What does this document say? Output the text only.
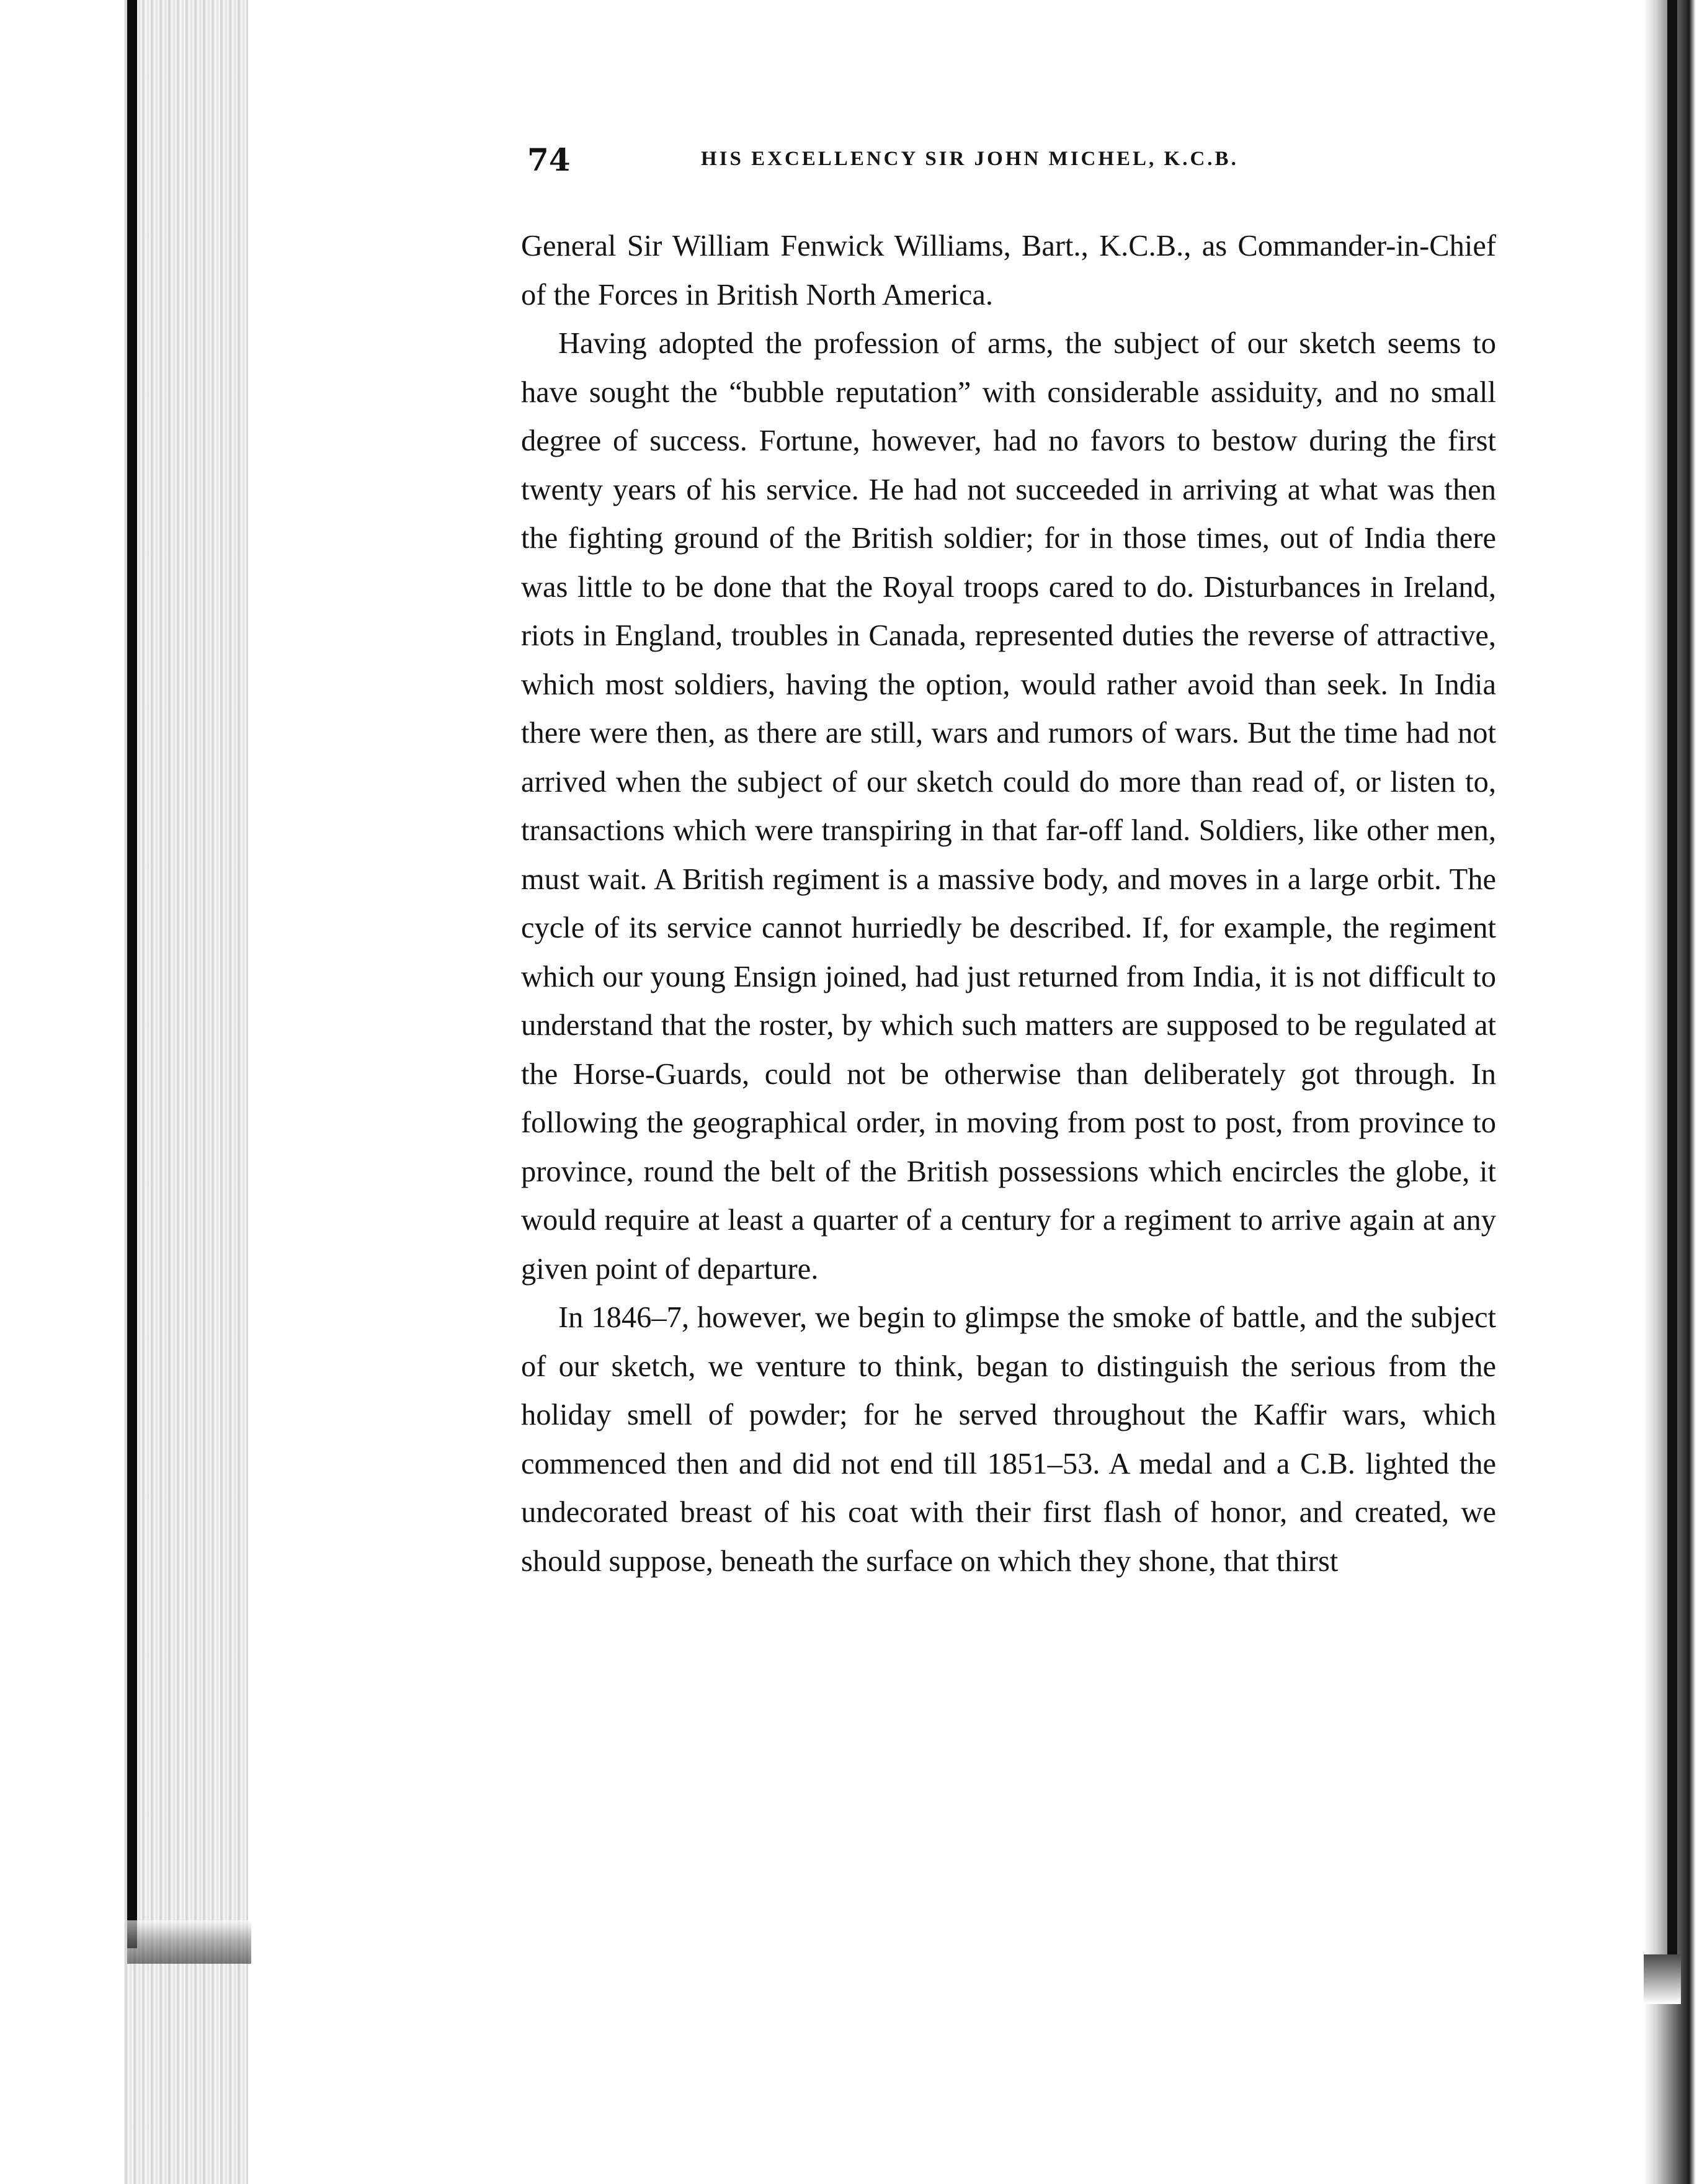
74	HIS EXCELLENCY SIR JOHN MICHEL, K.C.B.

General Sir William Fenwick Williams, Bart., K.C.B., as Commander-in-Chief of the Forces in British North America.

Having adopted the profession of arms, the subject of our sketch seems to have sought the “bubble reputation” with considerable assiduity, and no small degree of success. Fortune, however, had no favors to bestow during the first twenty years of his service. He had not succeeded in arriving at what was then the fighting ground of the British soldier; for in those times, out of India there was little to be done that the Royal troops cared to do. Disturbances in Ireland, riots in England, troubles in Canada, represented duties the reverse of attractive, which most soldiers, having the option, would rather avoid than seek. In India there were then, as there are still, wars and rumors of wars. But the time had not arrived when the subject of our sketch could do more than read of, or listen to, transactions which were transpiring in that far-off land. Soldiers, like other men, must wait. A British regiment is a massive body, and moves in a large orbit. The cycle of its service cannot hurriedly be described. If, for example, the regiment which our young Ensign joined, had just returned from India, it is not difficult to understand that the roster, by which such matters are supposed to be regulated at the Horse-Guards, could not be otherwise than deliberately got through. In following the geographical order, in moving from post to post, from province to province, round the belt of the British possessions which encircles the globe, it would require at least a quarter of a century for a regiment to arrive again at any given point of departure.

In 1846–7, however, we begin to glimpse the smoke of battle, and the subject of our sketch, we venture to think, began to distinguish the serious from the holiday smell of powder; for he served throughout the Kaffir wars, which commenced then and did not end till 1851–53. A medal and a C.B. lighted the undecorated breast of his coat with their first flash of honor, and created, we should suppose, beneath the surface on which they shone, that thirst
